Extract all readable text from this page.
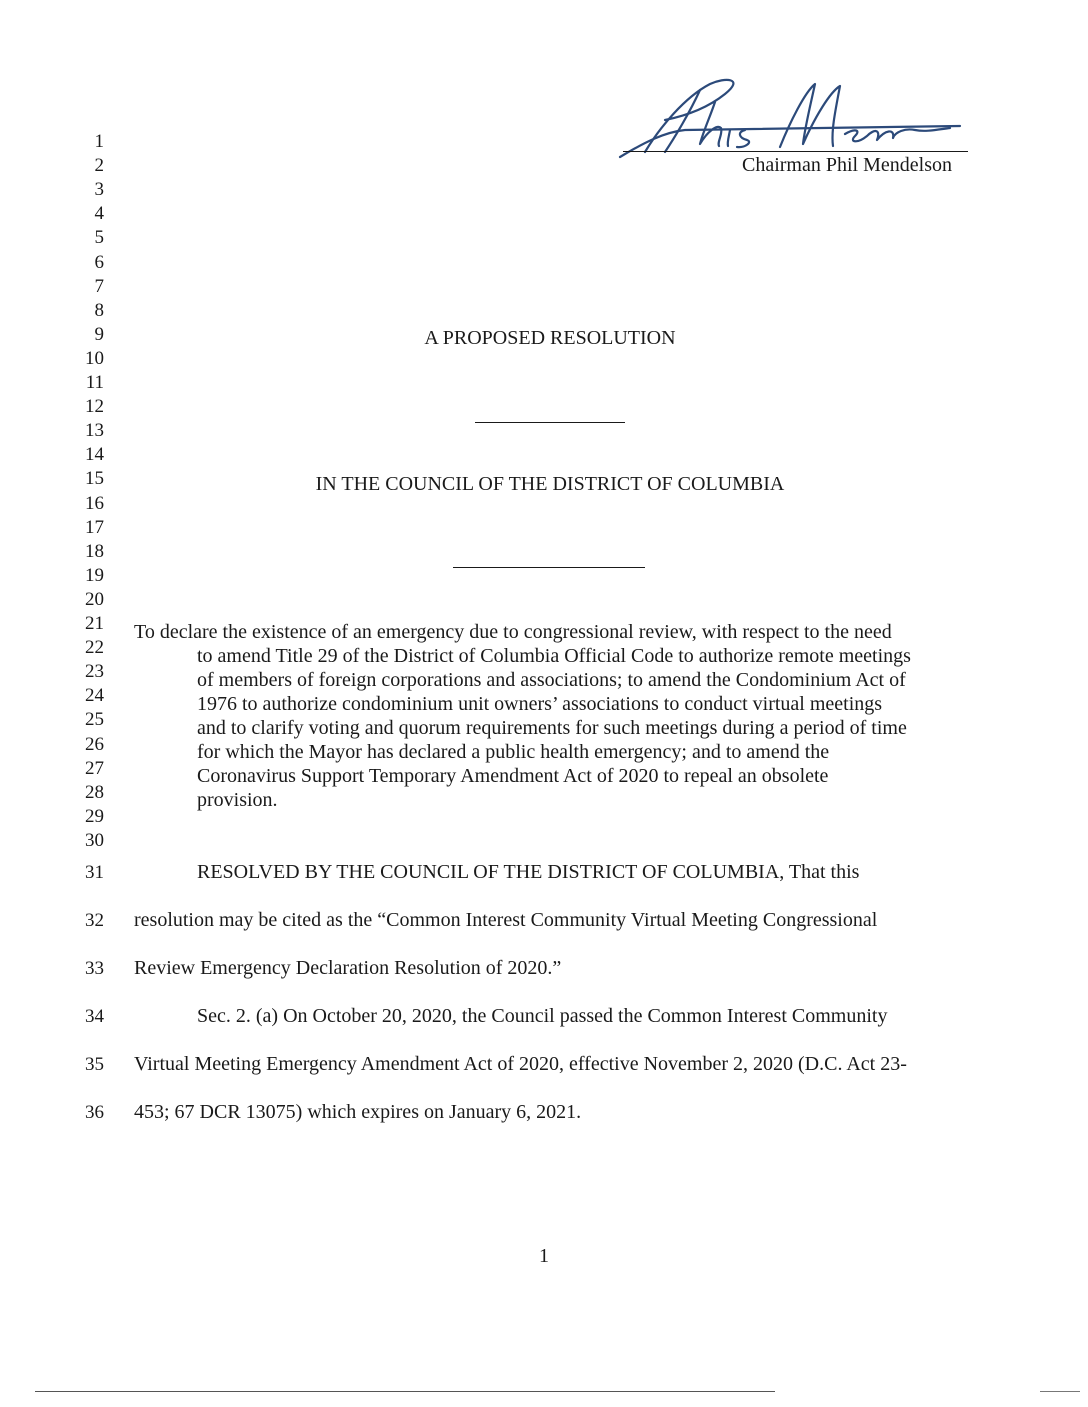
Chairman Phil Mendelson
1
2
3
4
5
6
7
8
9
10
11
12
13
14
15
16
17
18
19
20
21
22
23
24
25
26
27
28
29
30
31
32
33
34
35
36
A PROPOSED RESOLUTION
IN THE COUNCIL OF THE DISTRICT OF COLUMBIA
To declare the existence of an emergency due to congressional review, with respect to the need
to amend Title 29 of the District of Columbia Official Code to authorize remote meetings
of members of foreign corporations and associations; to amend the Condominium Act of
1976 to authorize condominium unit owners’ associations to conduct virtual meetings
and to clarify voting and quorum requirements for such meetings during a period of time
for which the Mayor has declared a public health emergency; and to amend the
Coronavirus Support Temporary Amendment Act of 2020 to repeal an obsolete
provision.
RESOLVED BY THE COUNCIL OF THE DISTRICT OF COLUMBIA, That this
resolution may be cited as the “Common Interest Community Virtual Meeting Congressional
Review Emergency Declaration Resolution of 2020.”
Sec. 2. (a) On October 20, 2020, the Council passed the Common Interest Community
Virtual Meeting Emergency Amendment Act of 2020, effective November 2, 2020 (D.C. Act 23-
453; 67 DCR 13075) which expires on January 6, 2021.
1
